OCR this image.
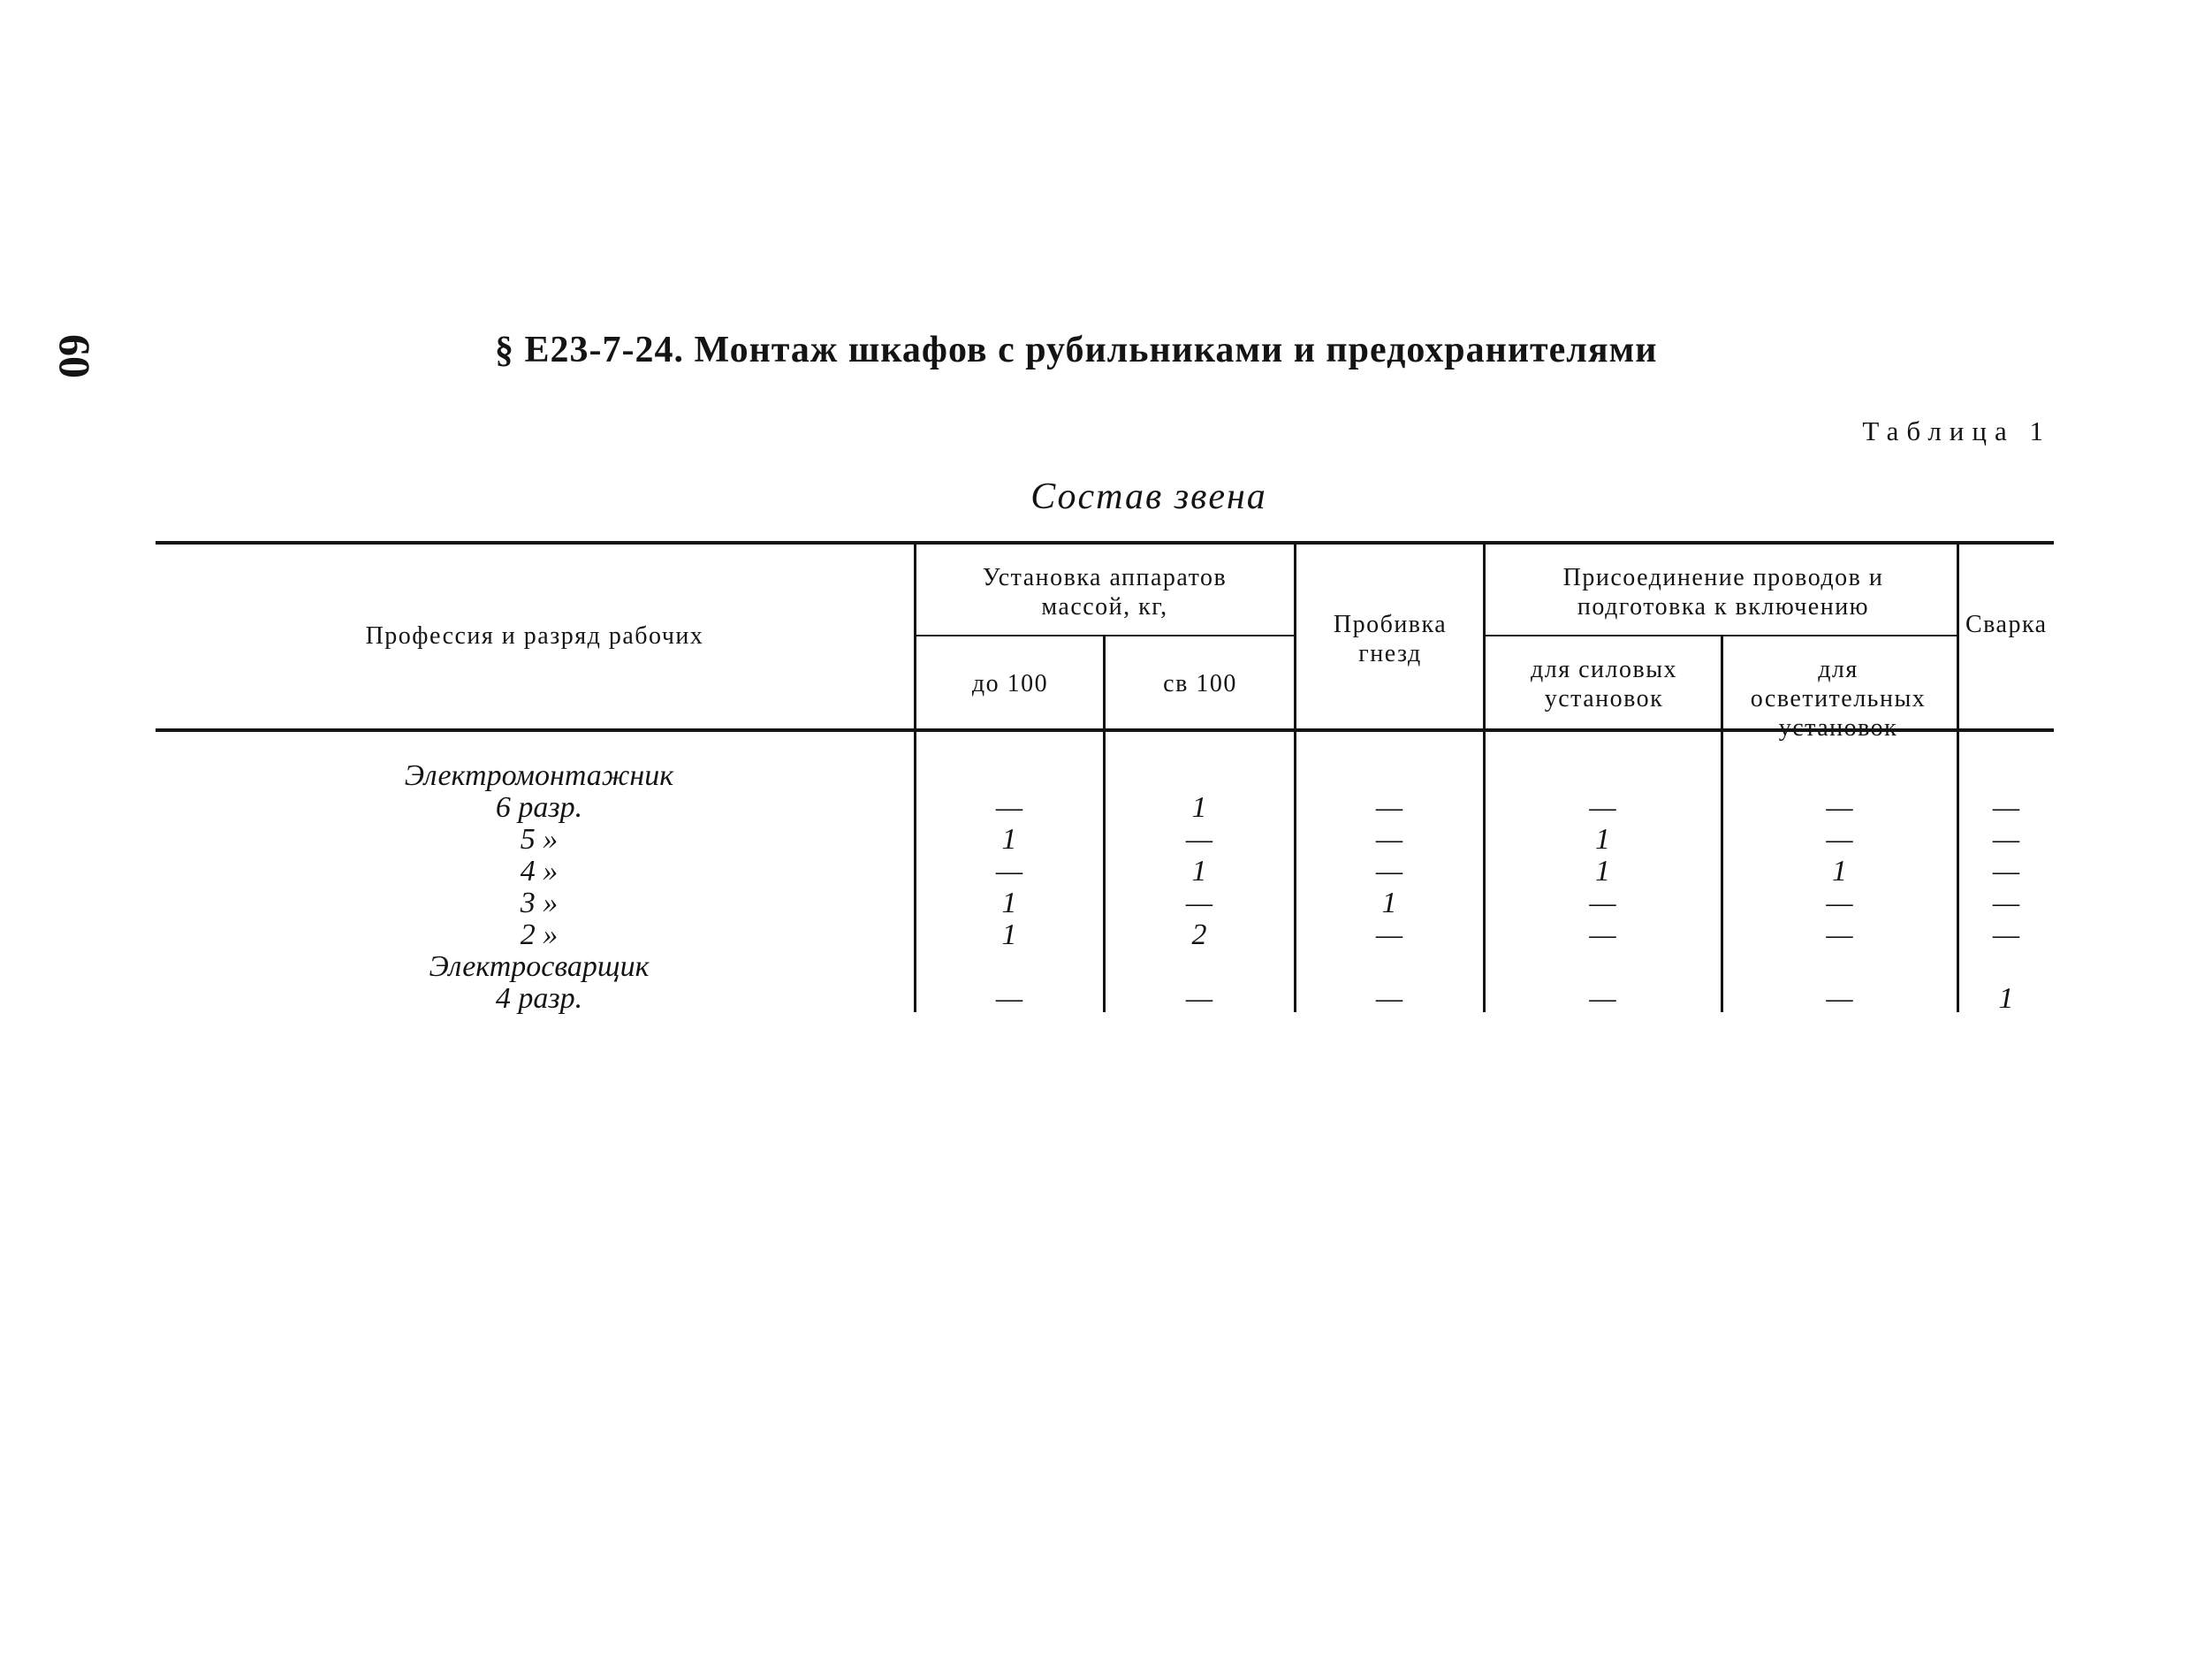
60	§ Е23-7-24. Монтаж шкафов с рубильниками и предохранителями
Таблица 1
Состав звена
Профессия и разряд рабочих
Установка аппаратов массой, кг,
до 100	св 100
Пробивка гнезд
Присоединение проводов и подготовка к включению
для силовых установок
для осветительных установок
Сварка
Электромонтажник
6 разр.	—	1	—	—	—	—
5 »	1	—	—	1	—	—
4 »	—	1	—	1	1	—
3 »	1	—	1	—	—	—
2 »	1	2	—	—	—	—
Электросварщик
4 разр.	—	—	—	—	—	1
